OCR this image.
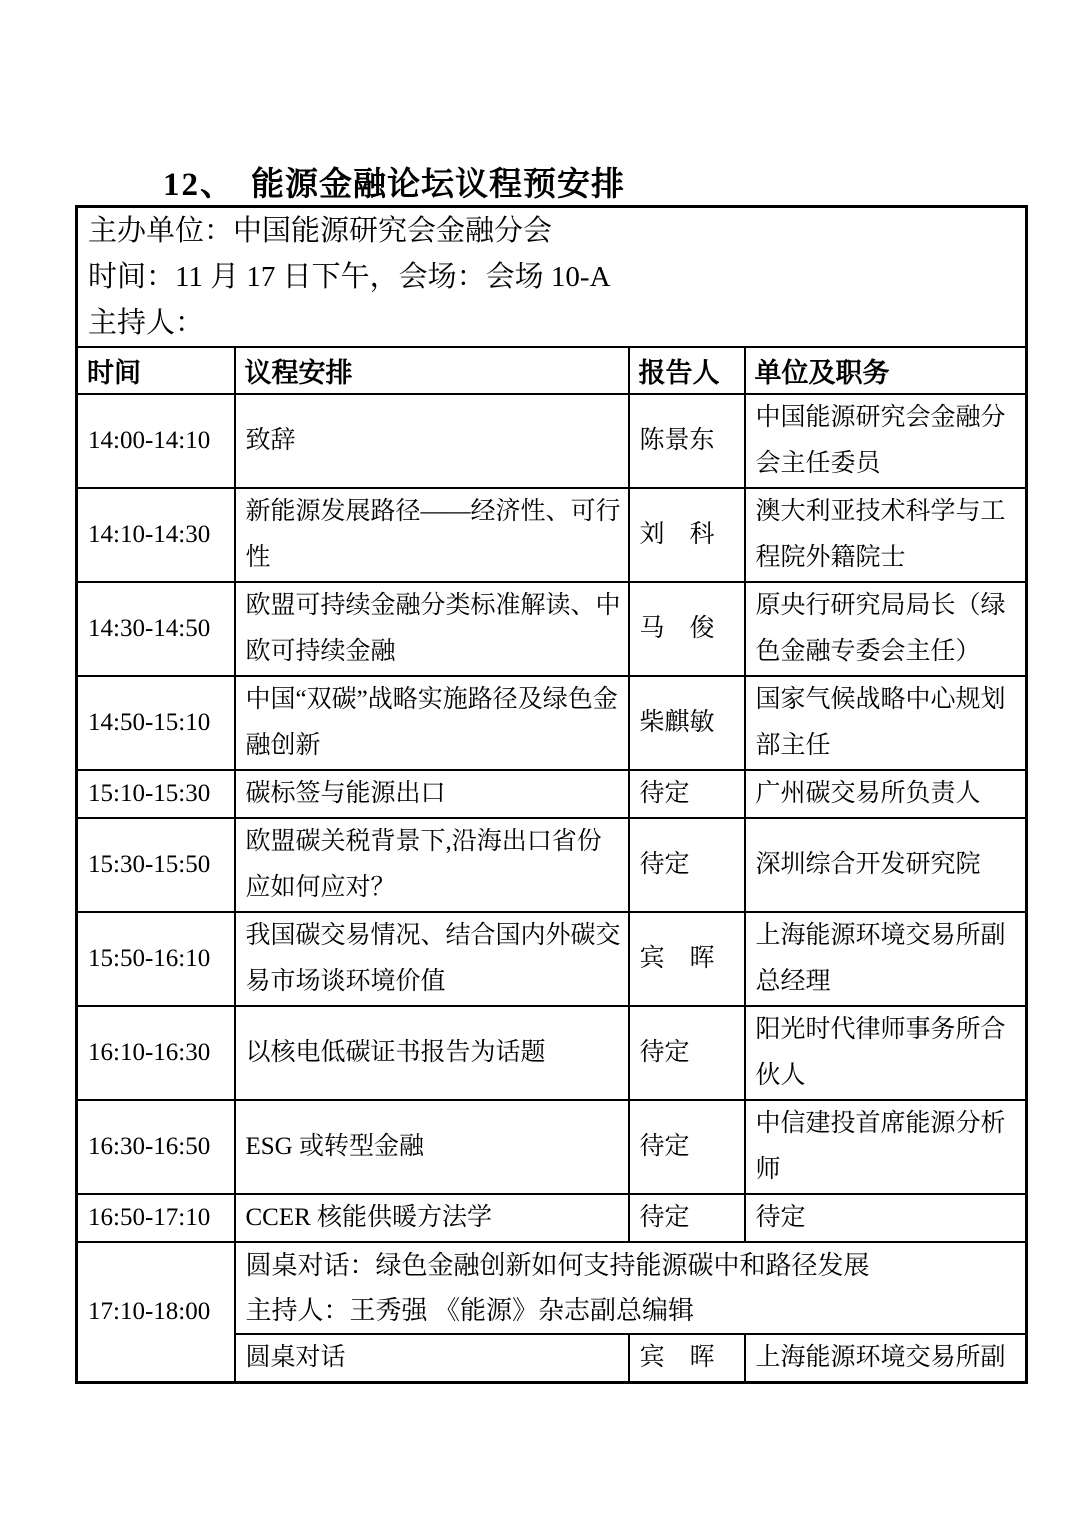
12、 能源金融论坛议程预安排
主办单位：中国能源研究会金融分会
时间：11 月 17 日下午，会场：会场 10-A
主持人：			

时间	议程安排	报告人	单位及职务
14:00-14:10	致辞	陈景东	中国能源研究会金融分会主任委员
14:10-14:30	新能源发展路径——经济性、可行性	刘　科	澳大利亚技术科学与工程院外籍院士
14:30-14:50	欧盟可持续金融分类标准解读、中欧可持续金融	马　俊	原央行研究局局长（绿色金融专委会主任）
14:50-15:10	中国“双碳”战略实施路径及绿色金融创新	柴麒敏	国家气候战略中心规划部主任
15:10-15:30	碳标签与能源出口	待定	广州碳交易所负责人
15:30-15:50	欧盟碳关税背景下,沿海出口省份应如何应对？	待定	深圳综合开发研究院
15:50-16:10	我国碳交易情况、结合国内外碳交易市场谈环境价值	宾　晖	上海能源环境交易所副总经理
16:10-16:30	以核电低碳证书报告为话题	待定	阳光时代律师事务所合伙人
16:30-16:50	ESG 或转型金融	待定	中信建投首席能源分析师
16:50-17:10	CCER 核能供暖方法学	待定	待定
17:10-18:00	圆桌对话：绿色金融创新如何支持能源碳中和路径发展
主持人：王秀强 《能源》杂志副总编辑		

	圆桌对话	宾　晖	上海能源环境交易所副
